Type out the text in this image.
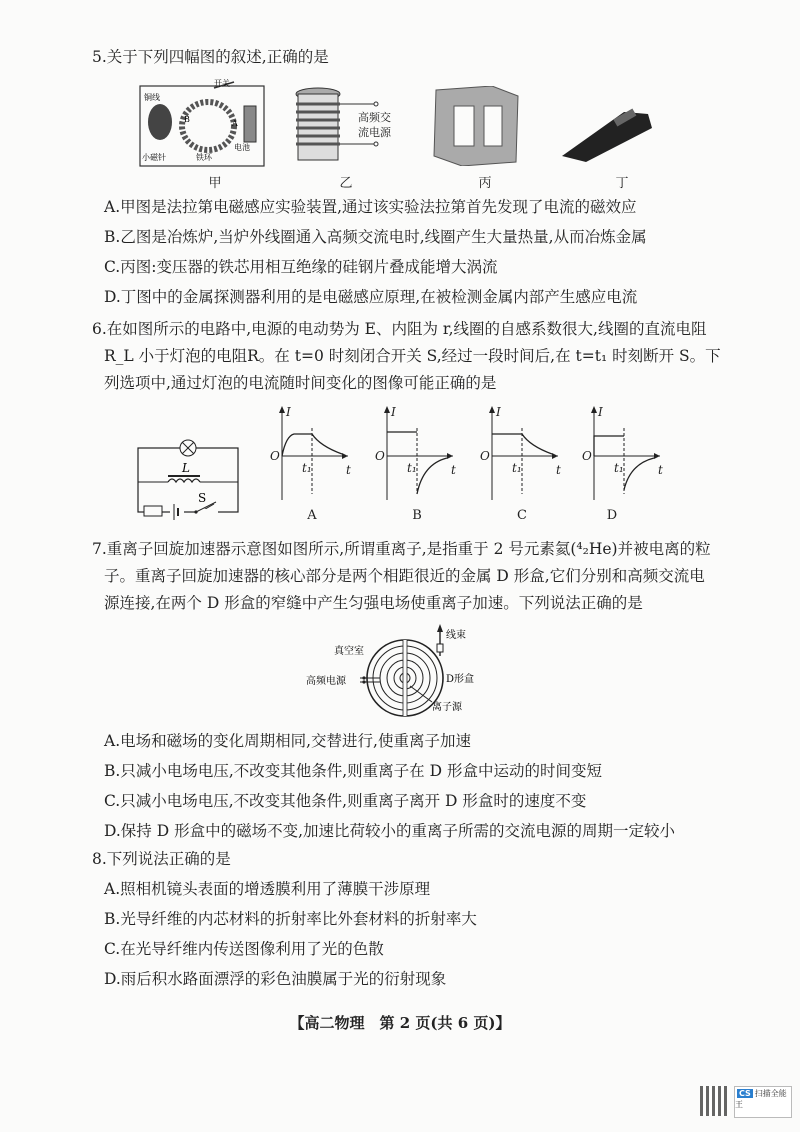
5.关于下列四幅图的叙述,正确的是
开关
铜线
B	A
小磁针	铁环
电池
高频交流电源
甲	乙	丙	丁
A.甲图是法拉第电磁感应实验装置,通过该实验法拉第首先发现了电流的磁效应
B.乙图是冶炼炉,当炉外线圈通入高频交流电时,线圈产生大量热量,从而冶炼金属
C.丙图:变压器的铁芯用相互绝缘的硅钢片叠成能增大涡流
D.丁图中的金属探测器利用的是电磁感应原理,在被检测金属内部产生感应电流
6.在如图所示的电路中,电源的电动势为 E、内阻为 r,线圈的自感系数很大,线圈的直流电阻
R_L 小于灯泡的电阻R。在 t=0 时刻闭合开关 S,经过一段时间后,在 t=t₁ 时刻断开 S。下
列选项中,通过灯泡的电流随时间变化的图像可能正确的是
L
S
I
O
t
t₁
I
O
t
t₁
I
O
t
t₁
I
O
t
t₁
A	B	C	D
7.重离子回旋加速器示意图如图所示,所谓重离子,是指重于 2 号元素氦(⁴₂He)并被电离的粒
子。重离子回旋加速器的核心部分是两个相距很近的金属 D 形盒,它们分别和高频交流电
源连接,在两个 D 形盒的窄缝中产生匀强电场使重离子加速。下列说法正确的是
线束
真空室
高频电源	D形盒
离子源
A.电场和磁场的变化周期相同,交替进行,使重离子加速
B.只减小电场电压,不改变其他条件,则重离子在 D 形盒中运动的时间变短
C.只减小电场电压,不改变其他条件,则重离子离开 D 形盒时的速度不变
D.保持 D 形盒中的磁场不变,加速比荷较小的重离子所需的交流电源的周期一定较小
8.下列说法正确的是
A.照相机镜头表面的增透膜利用了薄膜干涉原理
B.光导纤维的内芯材料的折射率比外套材料的折射率大
C.在光导纤维内传送图像利用了光的色散
D.雨后积水路面漂浮的彩色油膜属于光的衍射现象
【高二物理　第 2 页(共 6 页)】
CS 扫描全能王
